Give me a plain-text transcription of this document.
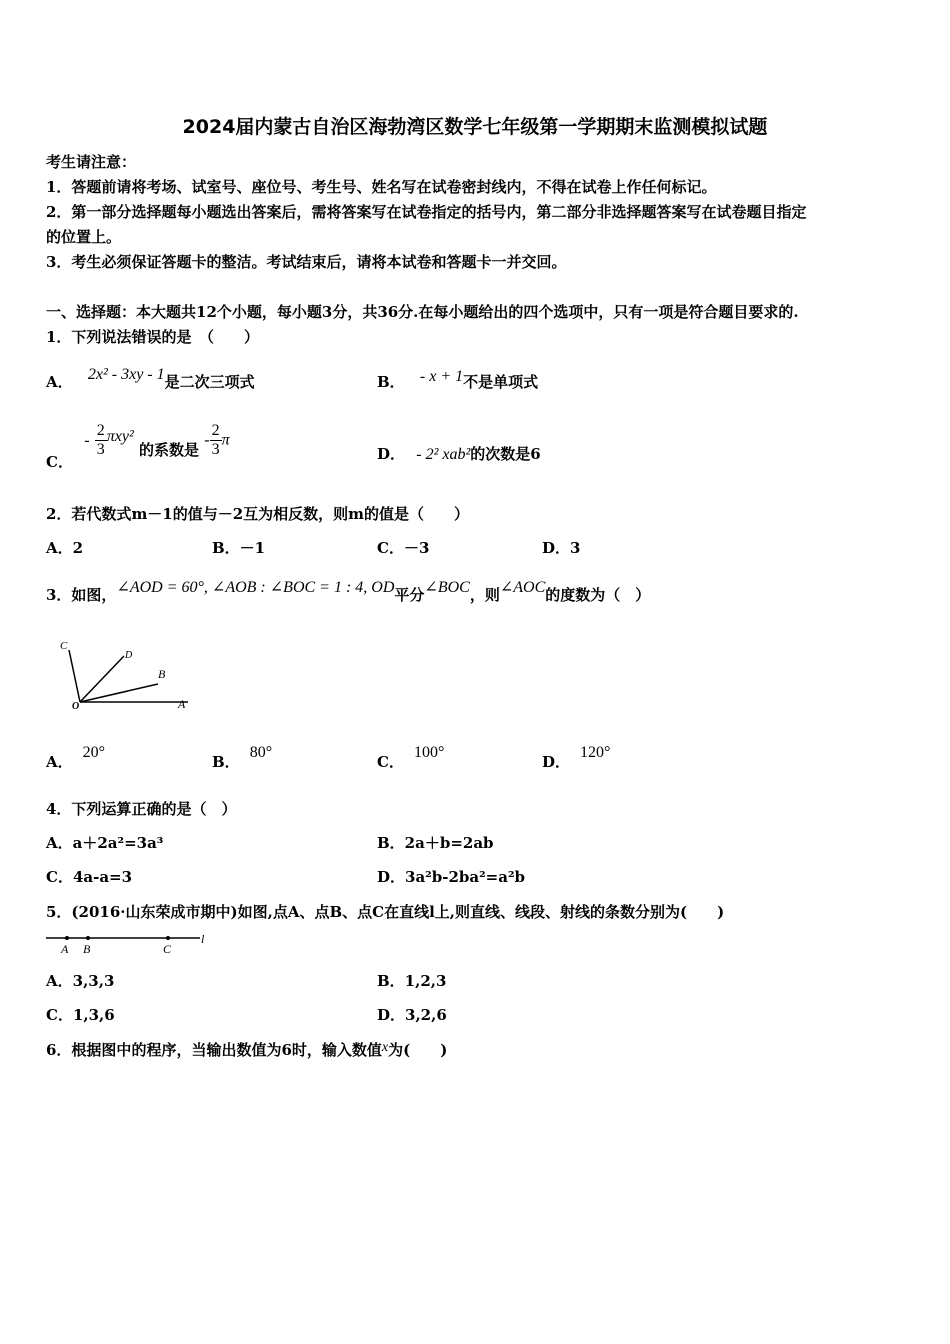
2024届内蒙古自治区海勃湾区数学七年级第一学期期末监测模拟试题
考生请注意：
1．答题前请将考场、试室号、座位号、考生号、姓名写在试卷密封线内，不得在试卷上作任何标记。
2．第一部分选择题每小题选出答案后，需将答案写在试卷指定的括号内，第二部分非选择题答案写在试卷题目指定
的位置上。
3．考生必须保证答题卡的整洁。考试结束后，请将本试卷和答题卡一并交回。
一、选择题：本大题共12个小题，每小题3分，共36分.在每小题给出的四个选项中，只有一项是符合题目要求的.
1．下列说法错误的是　（　　）
A． 2x² - 3xy - 1是二次三项式	B． - x + 1不是单项式
C． - $\frac{2}{3} \pi xy^2$ 的系数是 - $\frac{2}{3}$ π
D． - 2² xab²的次数是6
2．若代数式m－1的值与－2互为相反数，则m的值是（　　）
A．2	B．－1	C．－3	D．3
3．如图，∠AOD = 60°, ∠AOB : ∠BOC = 1 : 4, OD平分∠BOC，则∠AOC的度数为（　）
C
D
B
O	A
A．20°
B．80°
C．100°
D．120°
4．下列运算正确的是（　）
A．a＋2a²=3a³	B．2a＋b=2ab
C．4a-a=3	D．3a²b-2ba²=a²b
5．(2016·山东荣成市期中)如图,点A、点B、点C在直线l上,则直线、线段、射线的条数分别为(　　)
A B	C
l
A．3,3,3	B．1,2,3
C．1,3,6	D．3,2,6
6．根据图中的程序，当输出数值为6时，输入数值x为(　　)
